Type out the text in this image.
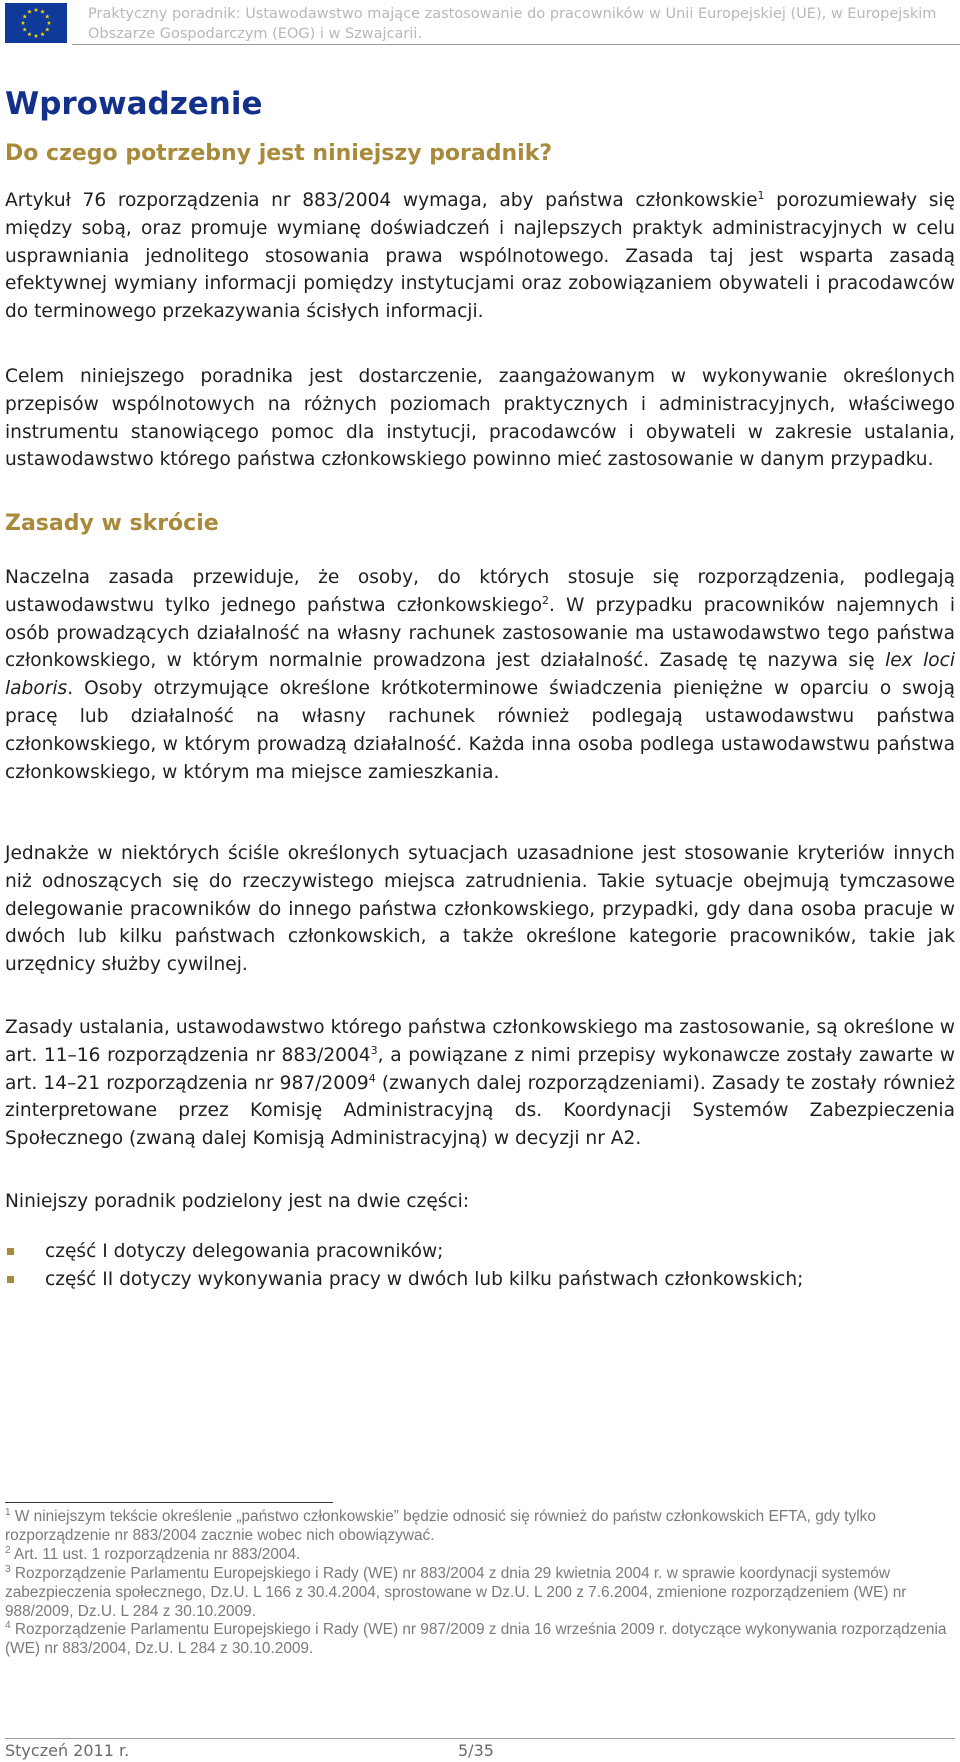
Praktyczny poradnik: Ustawodawstwo mające zastosowanie do pracowników w Unii Europejskiej (UE), w Europejskim Obszarze Gospodarczym (EOG) i w Szwajcarii.
Wprowadzenie
Do czego potrzebny jest niniejszy poradnik?

Artykuł 76 rozporządzenia nr 883/2004 wymaga, aby państwa członkowskie$^1$ porozumiewały się między sobą, oraz promuje wymianę doświadczeń i najlepszych praktyk administracyjnych w celu usprawniania jednolitego stosowania prawa wspólnotowego. Zasada taj jest wsparta zasadą efektywnej wymiany informacji pomiędzy instytucjami oraz zobowiązaniem obywateli i pracodawców do terminowego przekazywania ścisłych informacji.

Celem niniejszego poradnika jest dostarczenie, zaangażowanym w wykonywanie określonych przepisów wspólnotowych na różnych poziomach praktycznych i administracyjnych, właściwego instrumentu stanowiącego pomoc dla instytucji, pracodawców i obywateli w zakresie ustalania, ustawodawstwo którego państwa członkowskiego powinno mieć zastosowanie w danym przypadku.

Zasady w skrócie

Naczelna zasada przewiduje, że osoby, do których stosuje się rozporządzenia, podlegają ustawodawstwu tylko jednego państwa członkowskiego$^2$. W przypadku pracowników najemnych i osób prowadzących działalność na własny rachunek zastosowanie ma ustawodawstwo tego państwa członkowskiego, w którym normalnie prowadzona jest działalność. Zasadę tę nazywa się lex loci laboris. Osoby otrzymujące określone krótkoterminowe świadczenia pieniężne w oparciu o swoją pracę lub działalność na własny rachunek również podlegają ustawodawstwu państwa członkowskiego, w którym prowadzą działalność. Każda inna osoba podlega ustawodawstwu państwa członkowskiego, w którym ma miejsce zamieszkania.

Jednakże w niektórych ściśle określonych sytuacjach uzasadnione jest stosowanie kryteriów innych niż odnoszących się do rzeczywistego miejsca zatrudnienia. Takie sytuacje obejmują tymczasowe delegowanie pracowników do innego państwa członkowskiego, przypadki, gdy dana osoba pracuje w dwóch lub kilku państwach członkowskich, a także określone kategorie pracowników, takie jak urzędnicy służby cywilnej.

Zasady ustalania, ustawodawstwo którego państwa członkowskiego ma zastosowanie, są określone w art. 11–16 rozporządzenia nr 883/2004$^3$, a powiązane z nimi przepisy wykonawcze zostały zawarte w art. 14–21 rozporządzenia nr 987/2009$^4$ (zwanych dalej rozporządzeniami). Zasady te zostały również zinterpretowane przez Komisję Administracyjną ds. Koordynacji Systemów Zabezpieczenia Społecznego (zwaną dalej Komisją Administracyjną) w decyzji nr A2.

Niniejszy poradnik podzielony jest na dwie części:

część I dotyczy delegowania pracowników;
część II dotyczy wykonywania pracy w dwóch lub kilku państwach członkowskich;

$^1$ W niniejszym tekście określenie „państwo członkowskie” będzie odnosić się również do państw członkowskich EFTA, gdy tylko rozporządzenie nr 883/2004 zacznie wobec nich obowiązywać.

$^2$ Art. 11 ust. 1 rozporządzenia nr 883/2004.

$^3$ Rozporządzenie Parlamentu Europejskiego i Rady (WE) nr 883/2004 z dnia 29 kwietnia 2004 r. w sprawie koordynacji systemów zabezpieczenia społecznego, Dz.U. L 166 z 30.4.2004, sprostowane w Dz.U. L 200 z 7.6.2004, zmienione rozporządzeniem (WE) nr 988/2009, Dz.U. L 284 z 30.10.2009.

$^4$ Rozporządzenie Parlamentu Europejskiego i Rady (WE) nr 987/2009 z dnia 16 września 2009 r. dotyczące wykonywania rozporządzenia (WE) nr 883/2004, Dz.U. L 284 z 30.10.2009.

Styczeń 2011 r.	5/35
